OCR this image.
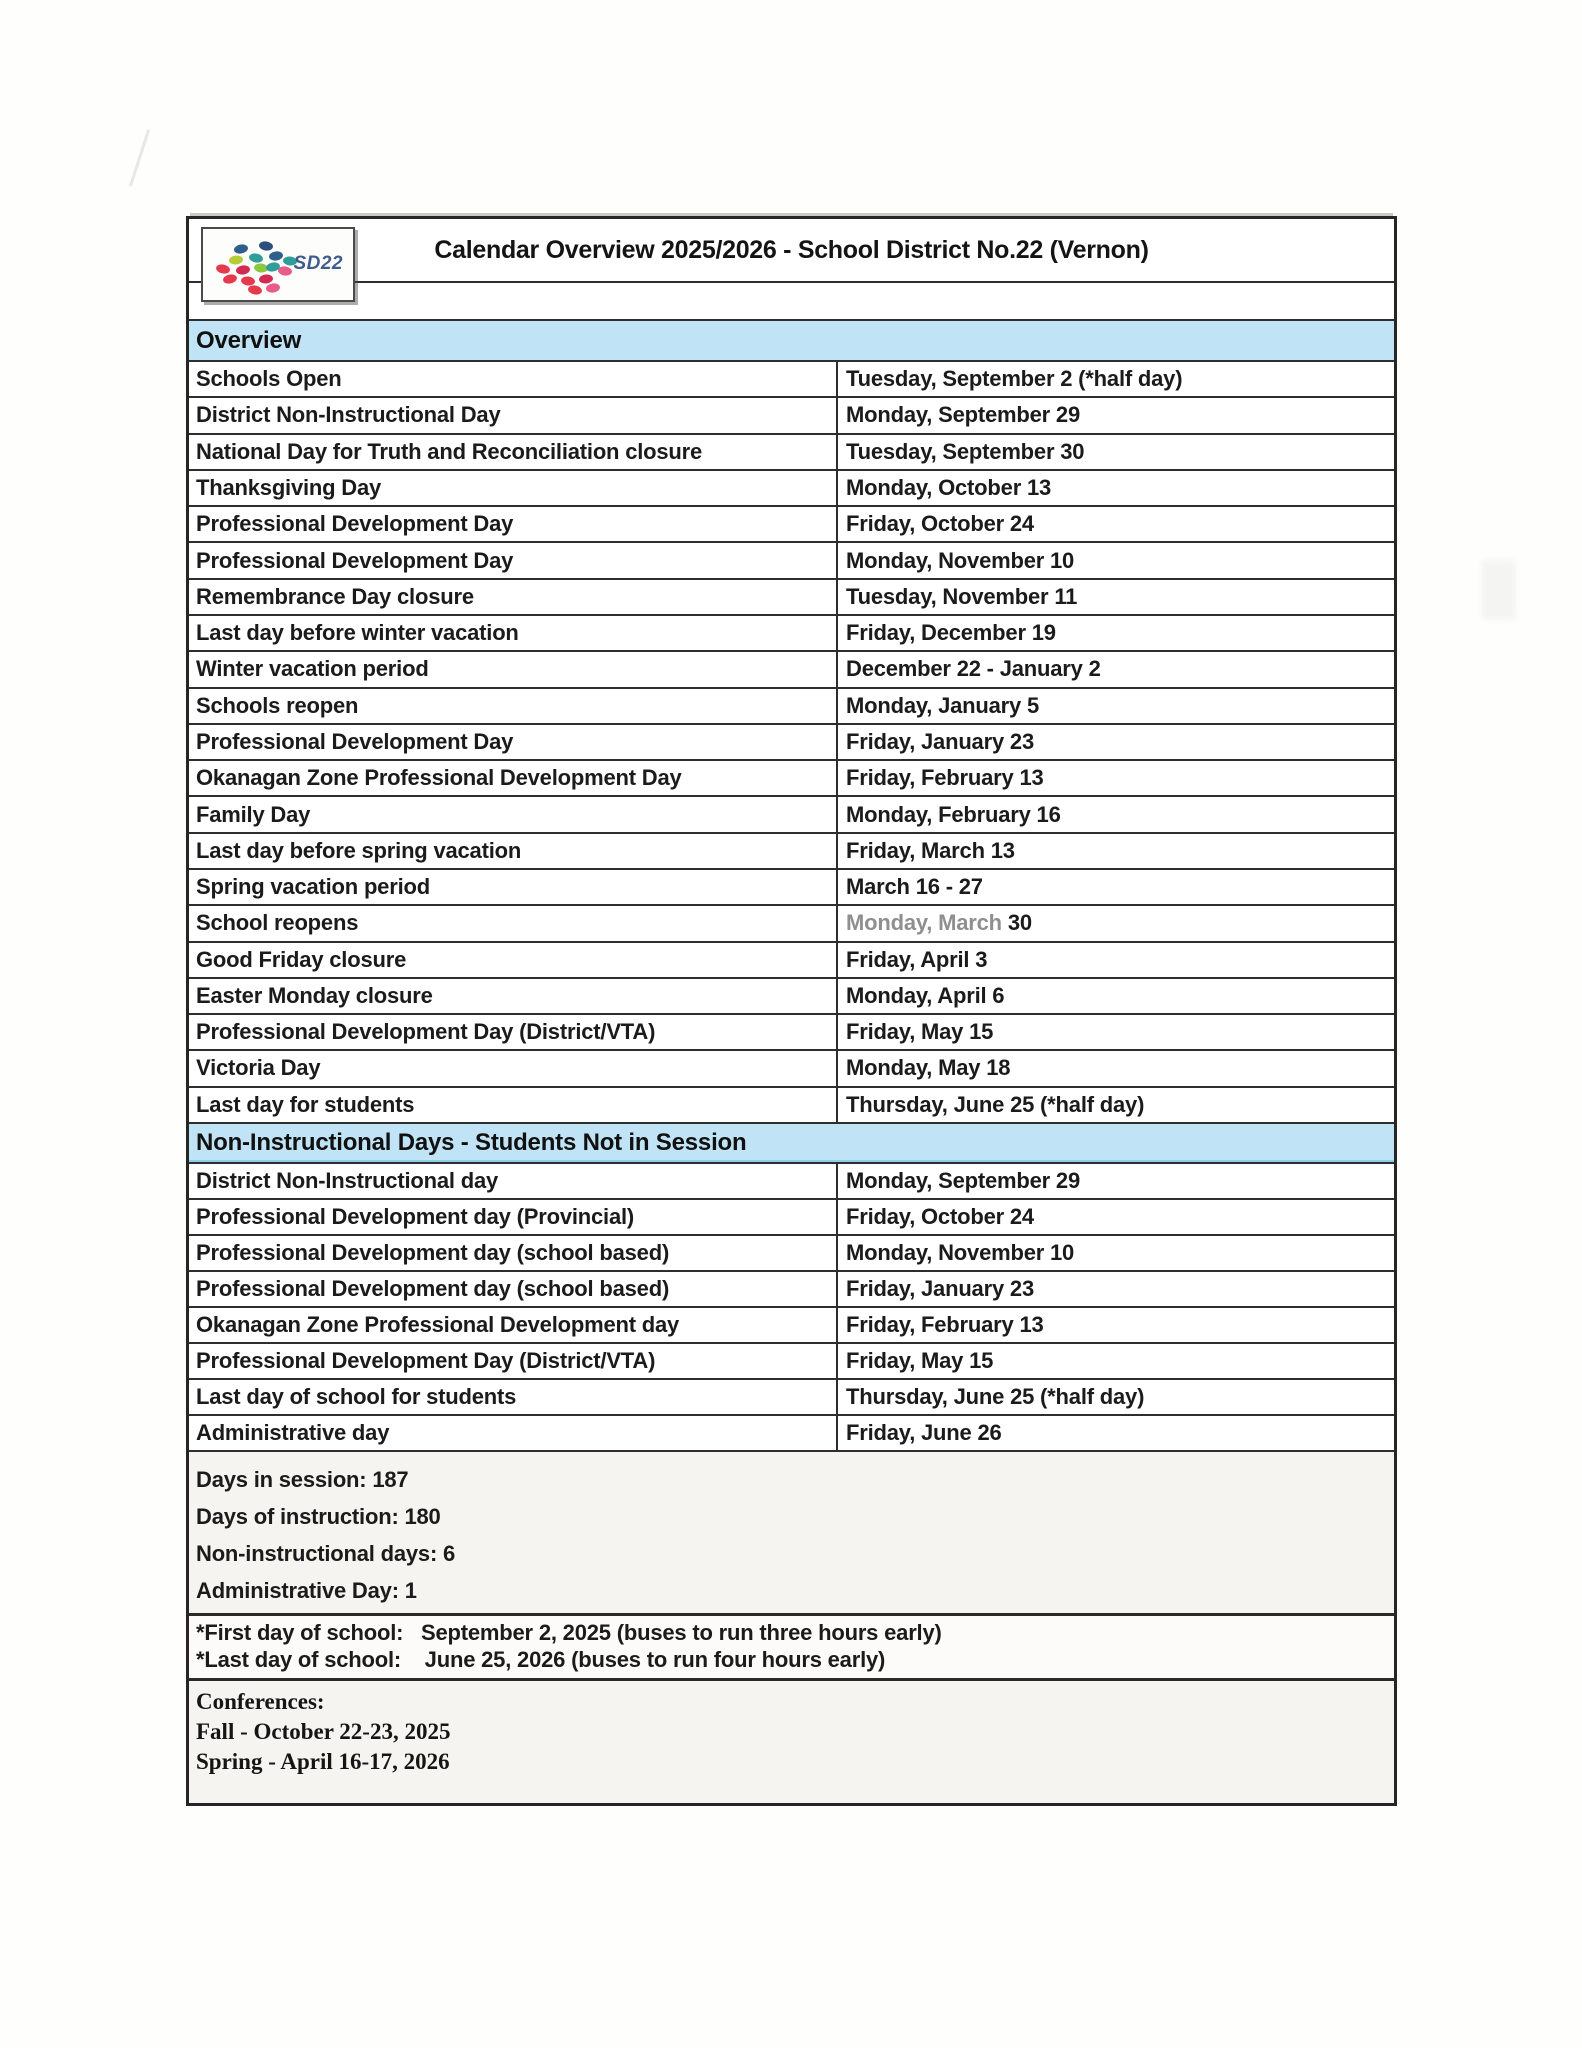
Calendar Overview 2025/2026 - School District No.22 (Vernon)
SD22
Overview
Schools Open	Tuesday, September 2 (*half day)
District Non-Instructional Day	Monday, September 29
National Day for Truth and Reconciliation closure	Tuesday, September 30
Thanksgiving Day	Monday, October 13
Professional Development Day	Friday, October 24
Professional Development Day	Monday, November 10
Remembrance Day closure	Tuesday, November 11
Last day before winter vacation	Friday, December 19
Winter vacation period	December 22 - January 2
Schools reopen	Monday, January 5
Professional Development Day	Friday, January 23
Okanagan Zone Professional Development Day	Friday, February 13
Family Day	Monday, February 16
Last day before spring vacation	Friday, March 13
Spring vacation period	March 16 - 27
School reopens	Monday, March 30
Good Friday closure	Friday, April 3
Easter Monday closure	Monday, April 6
Professional Development Day (District/VTA)	Friday, May 15
Victoria Day	Monday, May 18
Last day for students	Thursday, June 25 (*half day)
Non-Instructional Days - Students Not in Session
District Non-Instructional day	Monday, September 29
Professional Development day (Provincial)	Friday, October 24
Professional Development day (school based)	Monday, November 10
Professional Development day (school based)	Friday, January 23
Okanagan Zone Professional Development day	Friday, February 13
Professional Development Day (District/VTA)	Friday, May 15
Last day of school for students	Thursday, June 25 (*half day)
Administrative day	Friday, June 26
Days in session: 187
Days of instruction: 180
Non-instructional days: 6
Administrative Day: 1
*First day of school:   September 2, 2025 (buses to run three hours early)
*Last day of school:    June 25, 2026 (buses to run four hours early)
Conferences:
Fall - October 22-23, 2025
Spring - April 16-17, 2026
